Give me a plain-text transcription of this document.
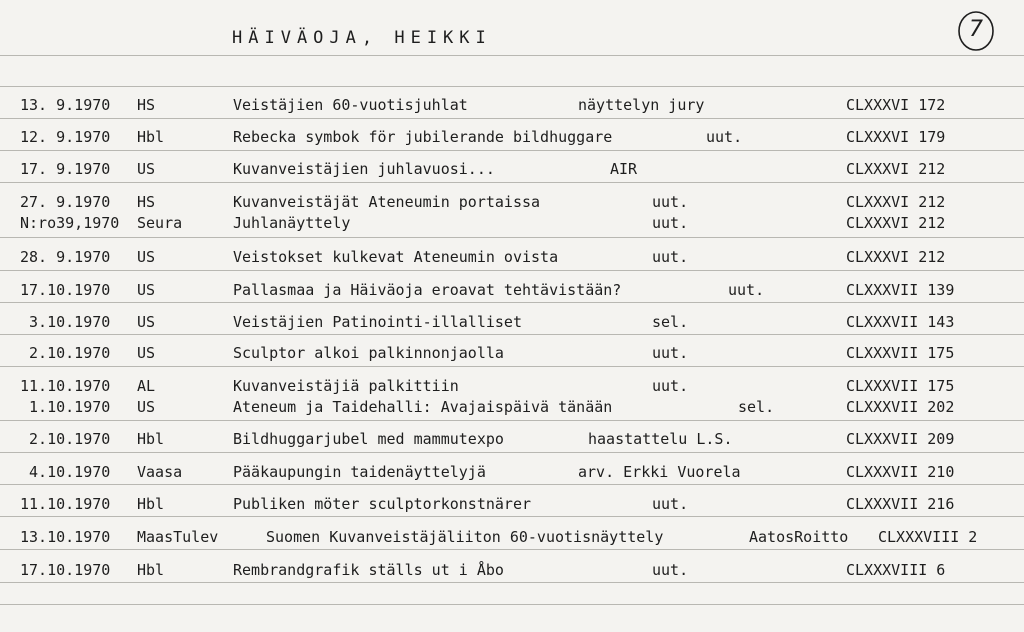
HÄIVÄOJA, HEIKKI	7
13. 9.1970 HS	Veistäjien 60-vuotisjuhlat	näyttelyn jury	CLXXXVI 172
12. 9.1970 Hbl	Rebecka symbok för jubilerande bildhuggare	uut.	CLXXXVI 179
17. 9.1970 US	Kuvanveistäjien juhlavuosi...	AIR	CLXXXVI 212
27. 9.1970 HS	Kuvanveistäjät Ateneumin portaissa	uut.	CLXXXVI 212
N:ro39,1970 Seura	Juhlanäyttely	uut.	CLXXXVI 212
28. 9.1970 US	Veistokset kulkevat Ateneumin ovista	uut.	CLXXXVI 212
17.10.1970 US	Pallasmaa ja Häiväoja eroavat tehtävistään?	uut.	CLXXXVII 139
3.10.1970 US	Veistäjien Patinointi-illalliset	sel.	CLXXXVII 143
2.10.1970 US	Sculptor alkoi palkinnonjaolla	uut.	CLXXXVII 175
11.10.1970 AL	Kuvanveistäjiä palkittiin	uut.	CLXXXVII 175
1.10.1970 US	Ateneum ja Taidehalli: Avajaispäivä tänään	sel.	CLXXXVII 202
2.10.1970 Hbl	Bildhuggarjubel med mammutexpo	haastattelu L.S.	CLXXXVII 209
4.10.1970 Vaasa	Pääkaupungin taidenäyttelyjä	arv. Erkki Vuorela	CLXXXVII 210
11.10.1970 Hbl	Publiken möter sculptorkonstnärer	uut.	CLXXXVII 216
13.10.1970 MaasTulev	Suomen Kuvanveistäjäliiton 60-vuotisnäyttely	AatosRoitto CLXXXVIII 2
17.10.1970 Hbl	Rembrandgrafik ställs ut i Åbo	uut.	CLXXXVIII 6
